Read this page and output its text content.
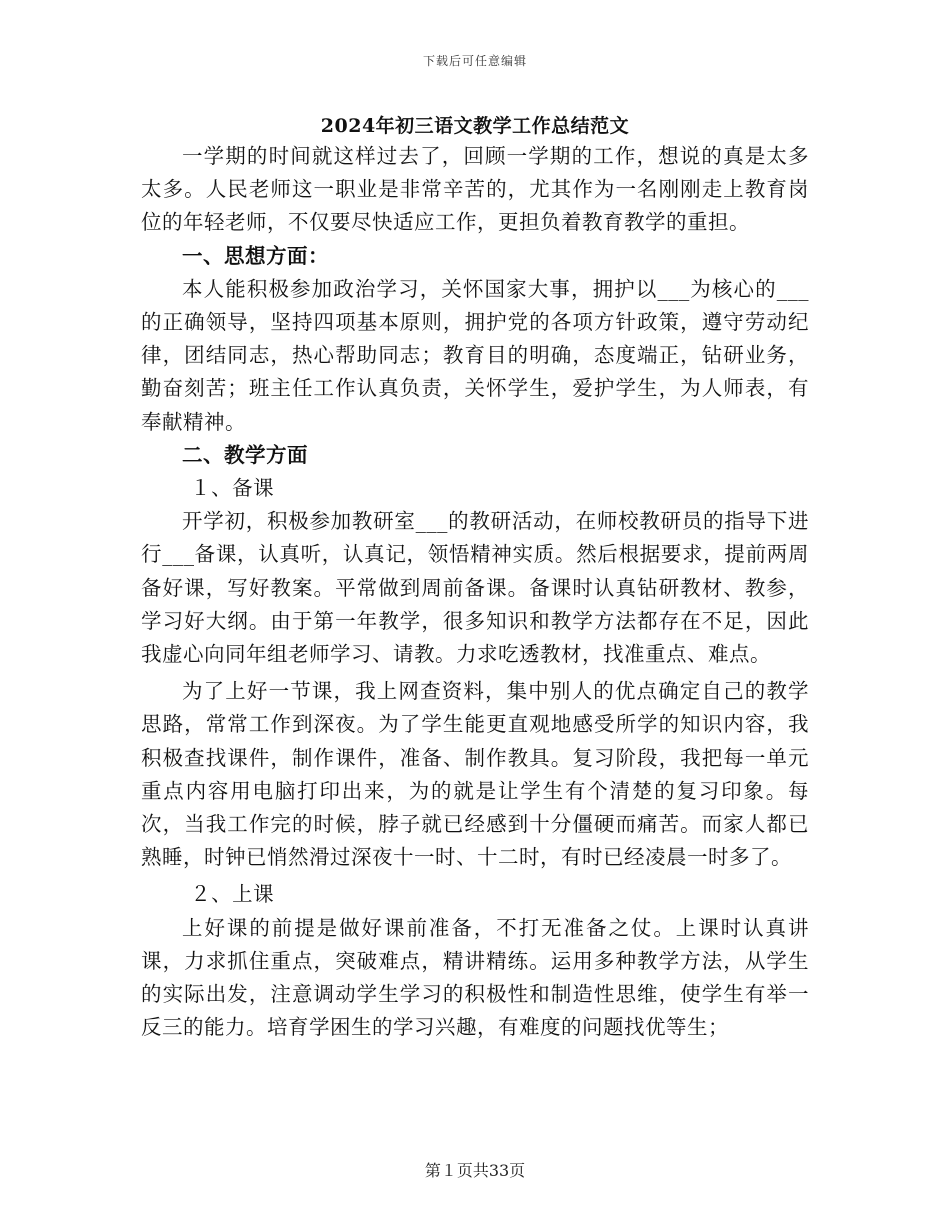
下载后可任意编辑
2024年初三语文教学工作总结范文

一学期的时间就这样过去了，回顾一学期的工作，想说的真是太多太多。人民老师这一职业是非常辛苦的，尤其作为一名刚刚走上教育岗位的年轻老师，不仅要尽快适应工作，更担负着教育教学的重担。

一、思想方面：

本人能积极参加政治学习，关怀国家大事，拥护以___为核心的___的正确领导，坚持四项基本原则，拥护党的各项方针政策，遵守劳动纪律，团结同志，热心帮助同志；教育目的明确，态度端正，钻研业务，勤奋刻苦；班主任工作认真负责，关怀学生，爱护学生，为人师表，有奉献精神。

二、教学方面

１、备课

开学初，积极参加教研室___的教研活动，在师校教研员的指导下进行___备课，认真听，认真记，领悟精神实质。然后根据要求，提前两周备好课，写好教案。平常做到周前备课。备课时认真钻研教材、教参，学习好大纲。由于第一年教学，很多知识和教学方法都存在不足，因此我虚心向同年组老师学习、请教。力求吃透教材，找准重点、难点。

为了上好一节课，我上网查资料，集中别人的优点确定自己的教学思路，常常工作到深夜。为了学生能更直观地感受所学的知识内容，我积极查找课件，制作课件，准备、制作教具。复习阶段，我把每一单元重点内容用电脑打印出来，为的就是让学生有个清楚的复习印象。每次，当我工作完的时候，脖子就已经感到十分僵硬而痛苦。而家人都已熟睡，时钟已悄然滑过深夜十一时、十二时，有时已经凌晨一时多了。

２、上课

上好课的前提是做好课前准备，不打无准备之仗。上课时认真讲课，力求抓住重点，突破难点，精讲精练。运用多种教学方法，从学生的实际出发，注意调动学生学习的积极性和制造性思维，使学生有举一反三的能力。培育学困生的学习兴趣，有难度的问题找优等生；

第１页共33页
